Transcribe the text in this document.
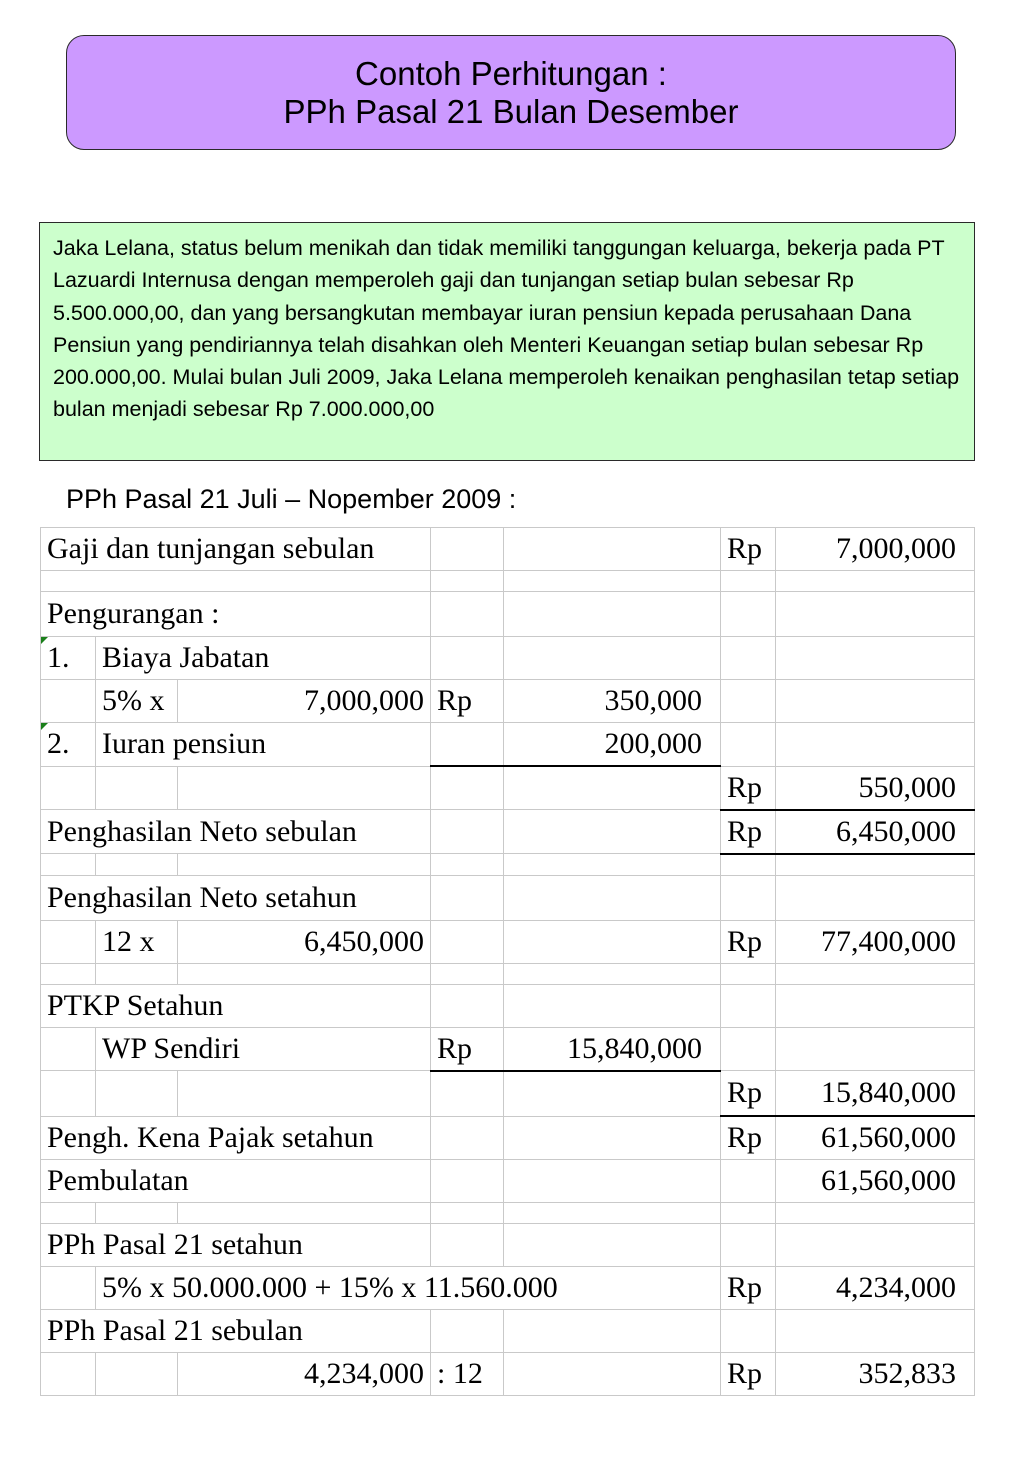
Contoh Perhitungan :
PPh Pasal 21 Bulan Desember
Jaka Lelana, status belum menikah dan tidak memiliki tanggungan keluarga, bekerja pada PT Lazuardi Internusa dengan memperoleh gaji dan tunjangan setiap bulan sebesar Rp 5.500.000,00, dan yang bersangkutan membayar iuran pensiun kepada perusahaan Dana Pensiun yang pendiriannya telah disahkan oleh Menteri Keuangan setiap bulan sebesar Rp 200.000,00. Mulai bulan Juli 2009, Jaka Lelana memperoleh kenaikan penghasilan tetap setiap bulan menjadi sebesar Rp 7.000.000,00
PPh Pasal 21 Juli – Nopember 2009 :
Gaji dan tunjangan sebulan					Rp	7,000,000

Pengurangan :						
1.	Biaya Jabatan					
	5% x	7,000,000	Rp	350,000		
2.	Iuran pensiun			200,000		
					Rp	550,000
Penghasilan Neto sebulan					Rp	6,450,000

Penghasilan Neto setahun						
	12 x	6,450,000			Rp	77,400,000

PTKP Setahun						
	WP Sendiri		Rp	15,840,000		
					Rp	15,840,000
Pengh. Kena Pajak setahun					Rp	61,560,000
Pembulatan						61,560,000

PPh Pasal 21 setahun						
	5% x 50.000.000 + 15% x 11.560.000				Rp	4,234,000
PPh Pasal 21 sebulan						
		4,234,000	: 12		Rp	352,833
